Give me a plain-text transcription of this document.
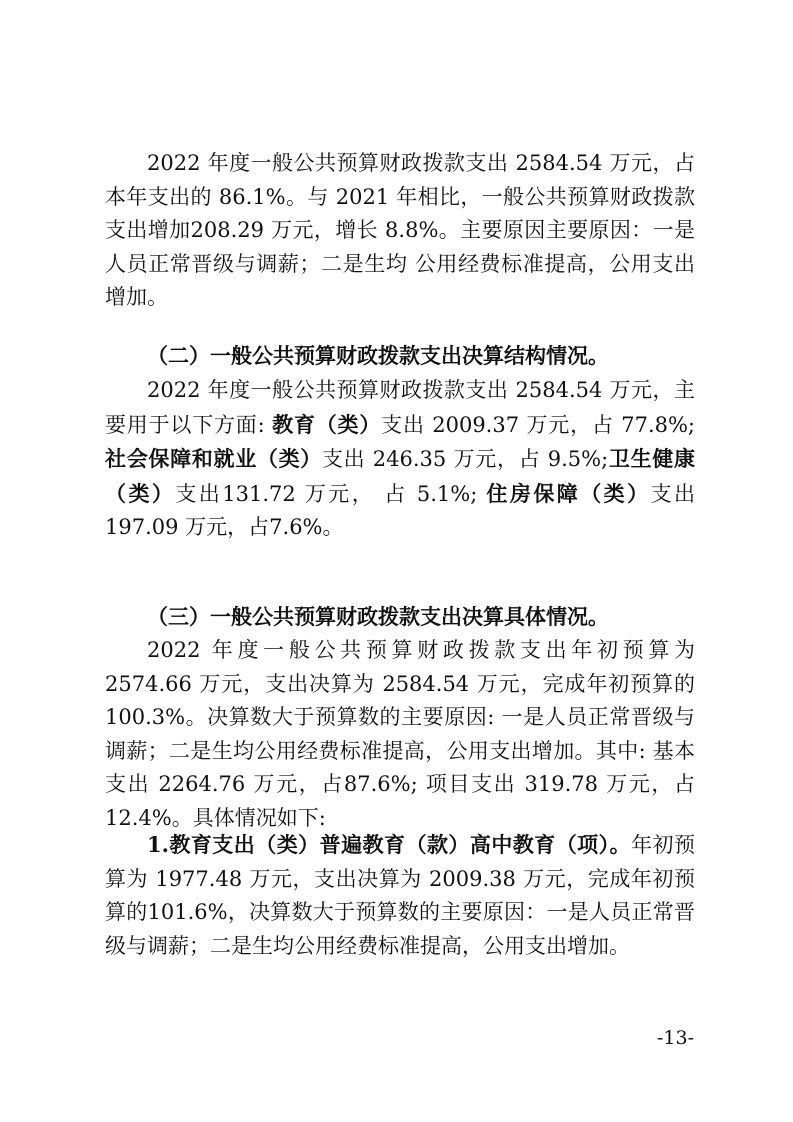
2022 年度一般公共预算财政拨款支出 2584.54 万元，占本年支出的 86.1%。与 2021 年相比，一般公共预算财政拨款支出增加208.29 万元，增长 8.8%。主要原因主要原因：一是人员正常晋级与调薪；二是生均 公用经费标准提高，公用支出增加。

（二）一般公共预算财政拨款支出决算结构情况。

2022 年度一般公共预算财政拨款支出 2584.54 万元，主要用于以下方面: 教育（类）支出 2009.37 万元，占 77.8%; 社会保障和就业（类）支出 246.35 万元，占 9.5%;卫生健康（类）支出131.72 万元， 占 5.1%; 住房保障（类）支出 197.09 万元，占7.6%。

（三）一般公共预算财政拨款支出决算具体情况。

2022 年度一般公共预算财政拨款支出年初预算为 2574.66 万元，支出决算为 2584.54 万元，完成年初预算的 100.3%。决算数大于预算数的主要原因: 一是人员正常晋级与调薪；二是生均公用经费标准提高，公用支出增加。其中: 基本支出 2264.76 万元，占87.6%; 项目支出 319.78 万元，占 12.4%。具体情况如下:

1.教育支出（类）普遍教育（款）高中教育（项）。年初预算为 1977.48 万元，支出决算为 2009.38 万元，完成年初预算的101.6%，决算数大于预算数的主要原因：一是人员正常晋级与调薪；二是生均公用经费标准提高，公用支出增加。

-13-
